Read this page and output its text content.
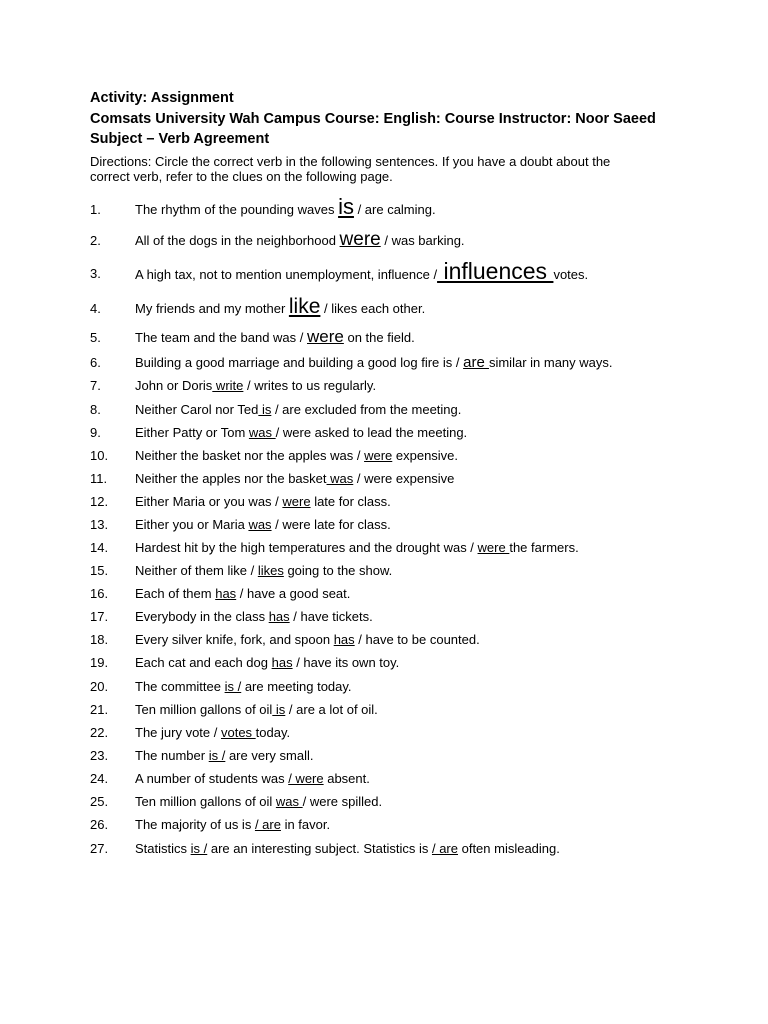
Activity: Assignment
Comsats University Wah Campus Course: English: Course Instructor: Noor Saeed
Subject – Verb Agreement
Directions: Circle the correct verb in the following sentences. If you have a doubt about the correct verb, refer to the clues on the following page.
1.	The rhythm of the pounding waves is / are calming.
2.	All of the dogs in the neighborhood were / was barking.
3.	A high tax, not to mention unemployment, influence / influences votes.
4.	My friends and my mother like / likes each other.
5.	The team and the band was / were on the field.
6.	Building a good marriage and building a good log fire is / are similar in many ways.
7.	John or Doris write / writes to us regularly.
8.	Neither Carol nor Ted is / are excluded from the meeting.
9.	Either Patty or Tom was / were asked to lead the meeting.
10. Neither the basket nor the apples was / were expensive.
11. Neither the apples nor the basket was / were expensive
12. Either Maria or you was / were late for class.
13. Either you or Maria was / were late for class.
14. Hardest hit by the high temperatures and the drought was / were the farmers.
15. Neither of them like / likes going to the show.
16. Each of them has / have a good seat.
17. Everybody in the class has / have tickets.
18. Every silver knife, fork, and spoon has / have to be counted.
19. Each cat and each dog has / have its own toy.
20. The committee is / are meeting today.
21. Ten million gallons of oil is / are a lot of oil.
22. The jury vote / votes today.
23. The number is / are very small.
24. A number of students was / were absent.
25. Ten million gallons of oil was / were spilled.
26. The majority of us is / are in favor.
27. Statistics is / are an interesting subject. Statistics is / are often misleading.
